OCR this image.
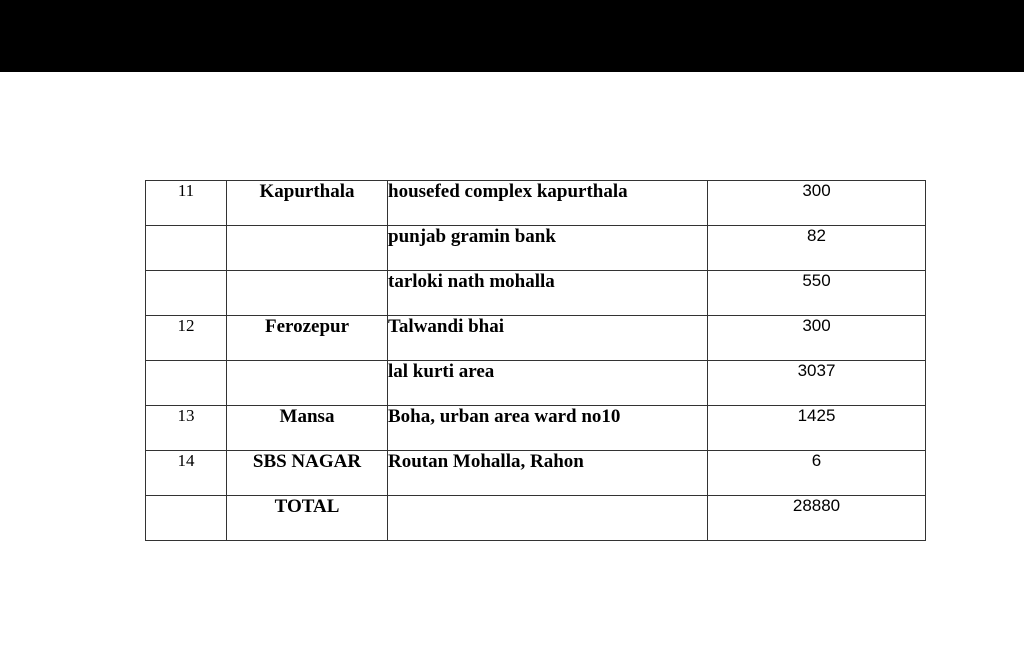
11	Kapurthala	housefed complex kapurthala	300
		punjab gramin bank	82
		tarloki nath mohalla	550
12	Ferozepur	Talwandi bhai	300
		lal kurti area	3037
13	Mansa	Boha, urban area ward no10	1425
14	SBS NAGAR	Routan Mohalla, Rahon	6
	TOTAL		28880
